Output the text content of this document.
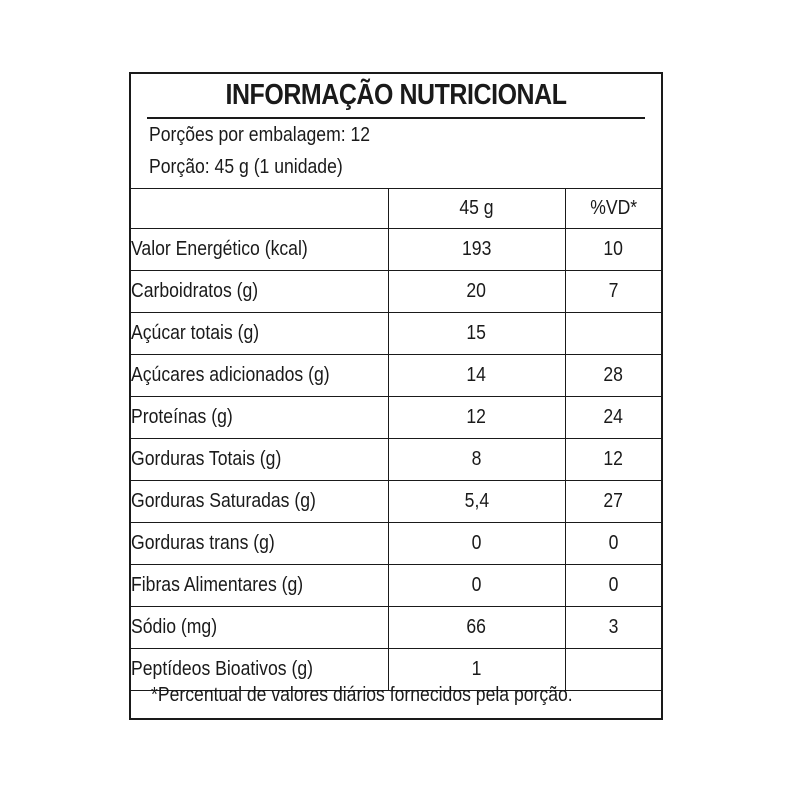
INFORMAÇÃO NUTRICIONAL
Porções por embalagem: 12
Porção: 45 g (1 unidade)
	45 g	%VD*
Valor Energético (kcal)	193	10
Carboidratos (g)	20	7
Açúcar totais (g)	15	
Açúcares adicionados (g)	14	28
Proteínas (g)	12	24
Gorduras Totais (g)	8	12
Gorduras Saturadas (g)	5,4	27
Gorduras trans (g)	0	0
Fibras Alimentares (g)	0	0
Sódio (mg)	66	3
Peptídeos Bioativos (g)	1	
*Percentual de valores diários fornecidos pela porção.
